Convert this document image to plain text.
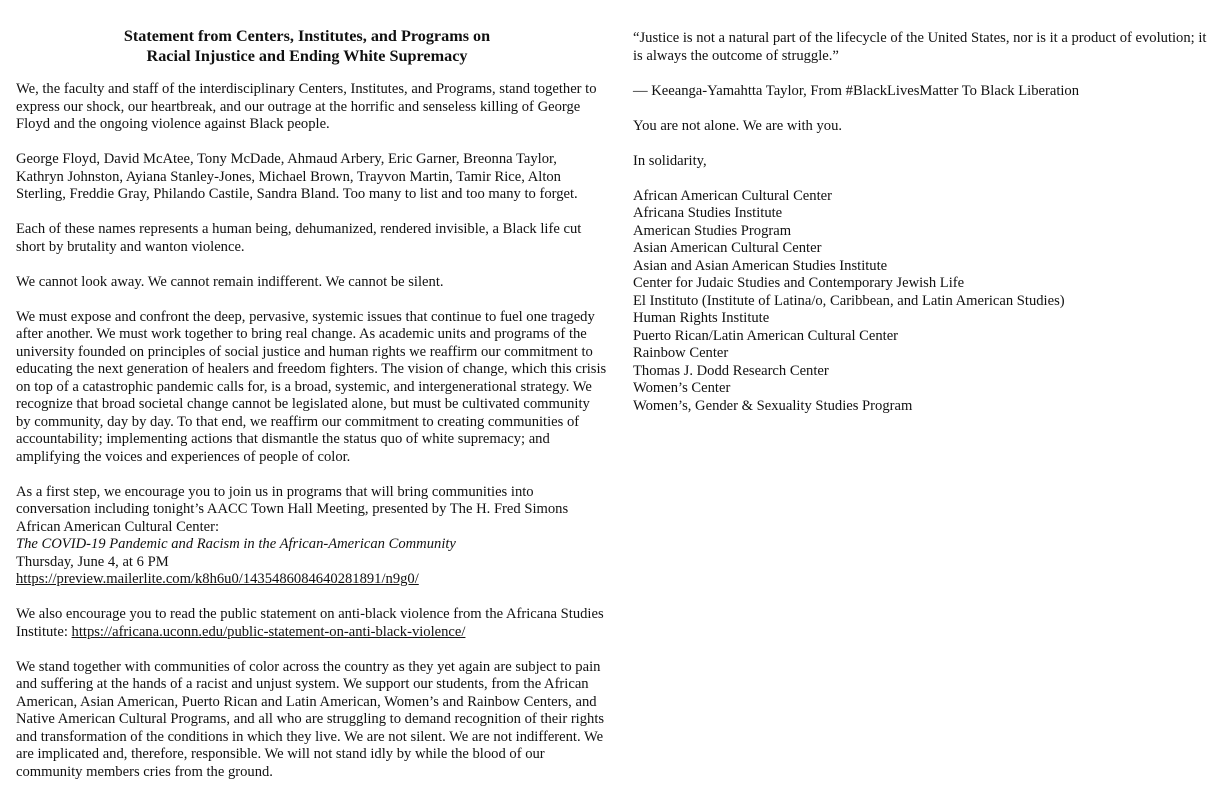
Statement from Centers, Institutes, and Programs on
Racial Injustice and Ending White Supremacy

We, the faculty and staff of the interdisciplinary Centers, Institutes, and Programs, stand together to express our shock, our heartbreak, and our outrage at the horrific and senseless killing of George Floyd and the ongoing violence against Black people.

George Floyd, David McAtee, Tony McDade, Ahmaud Arbery, Eric Garner, Breonna Taylor, Kathryn Johnston, Ayiana Stanley-Jones, Michael Brown, Trayvon Martin, Tamir Rice, Alton Sterling, Freddie Gray, Philando Castile, Sandra Bland. Too many to list and too many to forget.

Each of these names represents a human being, dehumanized, rendered invisible, a Black life cut short by brutality and wanton violence.

We cannot look away. We cannot remain indifferent. We cannot be silent.

We must expose and confront the deep, pervasive, systemic issues that continue to fuel one tragedy after another. We must work together to bring real change. As academic units and programs of the university founded on principles of social justice and human rights we reaffirm our commitment to educating the next generation of healers and freedom fighters. The vision of change, which this crisis on top of a catastrophic pandemic calls for, is a broad, systemic, and intergenerational strategy. We recognize that broad societal change cannot be legislated alone, but must be cultivated community by community, day by day. To that end, we reaffirm our commitment to creating communities of accountability; implementing actions that dismantle the status quo of white supremacy; and amplifying the voices and experiences of people of color.

As a first step, we encourage you to join us in programs that will bring communities into conversation including tonight’s AACC Town Hall Meeting, presented by The H. Fred Simons African American Cultural Center:
The COVID-19 Pandemic and Racism in the African-American Community
Thursday, June 4, at 6 PM
https://preview.mailerlite.com/k8h6u0/1435486084640281891/n9g0/

We also encourage you to read the public statement on anti-black violence from the Africana Studies Institute: https://africana.uconn.edu/public-statement-on-anti-black-violence/

We stand together with communities of color across the country as they yet again are subject to pain and suffering at the hands of a racist and unjust system. We support our students, from the African American, Asian American, Puerto Rican and Latin American, Women’s and Rainbow Centers, and Native American Cultural Programs, and all who are struggling to demand recognition of their rights and transformation of the conditions in which they live. We are not silent. We are not indifferent. We are implicated and, therefore, responsible. We will not stand idly by while the blood of our community members cries from the ground.

“Justice is not a natural part of the lifecycle of the United States, nor is it a product of evolution; it is always the outcome of struggle.”

— Keeanga-Yamahtta Taylor, From #BlackLivesMatter To Black Liberation

You are not alone. We are with you.

In solidarity,

African American Cultural Center
Africana Studies Institute
American Studies Program
Asian American Cultural Center
Asian and Asian American Studies Institute
Center for Judaic Studies and Contemporary Jewish Life
El Instituto (Institute of Latina/o, Caribbean, and Latin American Studies)
Human Rights Institute
Puerto Rican/Latin American Cultural Center
Rainbow Center
Thomas J. Dodd Research Center
Women’s Center
Women’s, Gender & Sexuality Studies Program
